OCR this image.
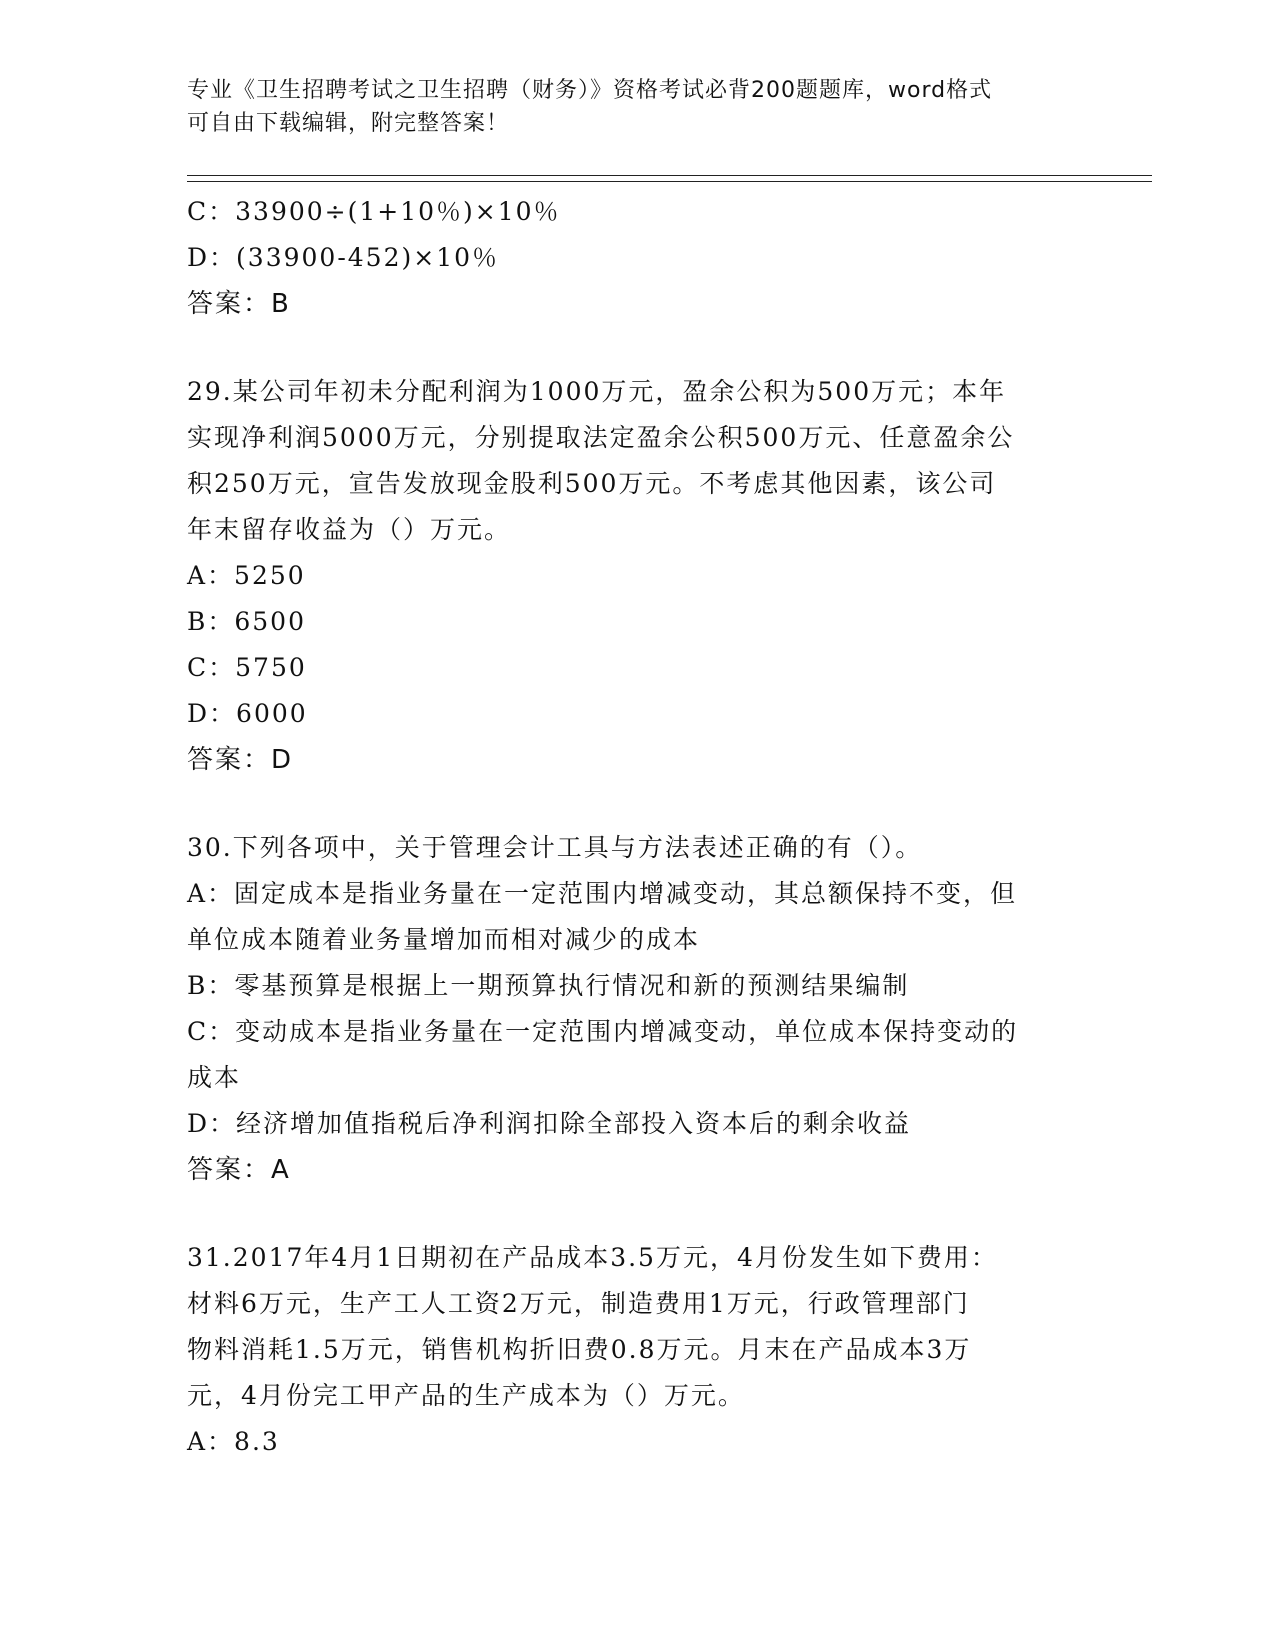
专业《卫生招聘考试之卫生招聘（财务）》资格考试必背200题题库，word格式
可自由下载编辑，附完整答案！
C：33900÷(1+10％)×10％
D：(33900-452)×10％
答案：B
29.某公司年初未分配利润为1000万元，盈余公积为500万元；本年
实现净利润5000万元，分别提取法定盈余公积500万元、任意盈余公
积250万元，宣告发放现金股利500万元。不考虑其他因素，该公司
年末留存收益为（）万元。
A：5250
B：6500
C：5750
D：6000
答案：D
30.下列各项中，关于管理会计工具与方法表述正确的有（）。
A：固定成本是指业务量在一定范围内增减变动，其总额保持不变，但
单位成本随着业务量增加而相对减少的成本
B：零基预算是根据上一期预算执行情况和新的预测结果编制
C：变动成本是指业务量在一定范围内增减变动，单位成本保持变动的
成本
D：经济增加值指税后净利润扣除全部投入资本后的剩余收益
答案：A
31.2017年4月1日期初在产品成本3.5万元，4月份发生如下费用：
材料6万元，生产工人工资2万元，制造费用1万元，行政管理部门
物料消耗1.5万元，销售机构折旧费0.8万元。月末在产品成本3万
元，4月份完工甲产品的生产成本为（）万元。
A：8.3
